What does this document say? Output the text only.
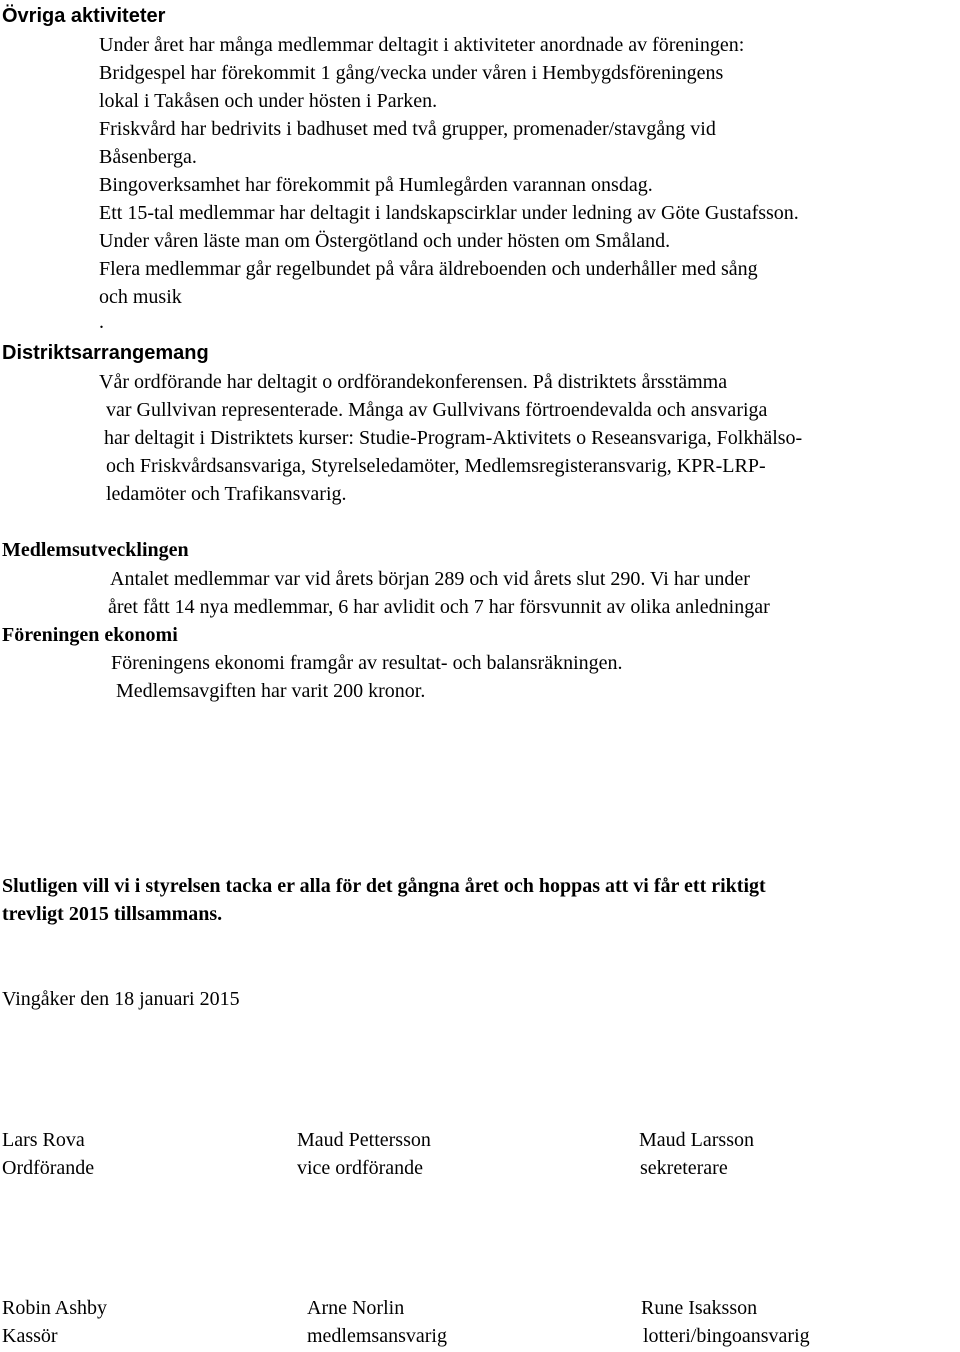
Övriga aktiviteter
Under året har många medlemmar deltagit i aktiviteter anordnade av föreningen:
Bridgespel har förekommit 1 gång/vecka under våren i Hembygdsföreningens
lokal i Takåsen och under hösten i Parken.
Friskvård har bedrivits i badhuset med två grupper, promenader/stavgång vid
Båsenberga.
Bingoverksamhet har förekommit på Humlegården varannan onsdag.
Ett 15-tal medlemmar har deltagit i landskapscirklar under ledning av Göte Gustafsson.
Under våren läste man om Östergötland och under hösten om Småland.
Flera medlemmar går regelbundet på våra äldreboenden och underhåller med sång
och musik
.
Distriktsarrangemang
Vår ordförande har deltagit o ordförandekonferensen. På distriktets årsstämma
var Gullvivan representerade. Många av Gullvivans förtroendevalda och ansvariga
har deltagit i Distriktets kurser: Studie-Program-Aktivitets o Reseansvariga, Folkhälso-
och Friskvårdsansvariga, Styrelseledamöter, Medlemsregisteransvarig, KPR-LRP-
ledamöter och Trafikansvarig.
Medlemsutvecklingen
Antalet medlemmar var vid årets början 289 och vid årets slut 290. Vi har under
året fått 14 nya medlemmar, 6 har avlidit och 7 har försvunnit av olika anledningar
Föreningen ekonomi
Föreningens ekonomi framgår av resultat- och balansräkningen.
Medlemsavgiften har varit 200 kronor.
Slutligen vill vi i styrelsen tacka er alla för det gångna året och hoppas att vi får ett riktigt
trevligt 2015 tillsammans.
Vingåker den 18 januari 2015
Lars Rova
Ordförande
Maud Pettersson
vice ordförande
Maud Larsson
sekreterare
Robin Ashby
Kassör
Arne Norlin
medlemsansvarig
Rune Isaksson
lotteri/bingoansvarig
